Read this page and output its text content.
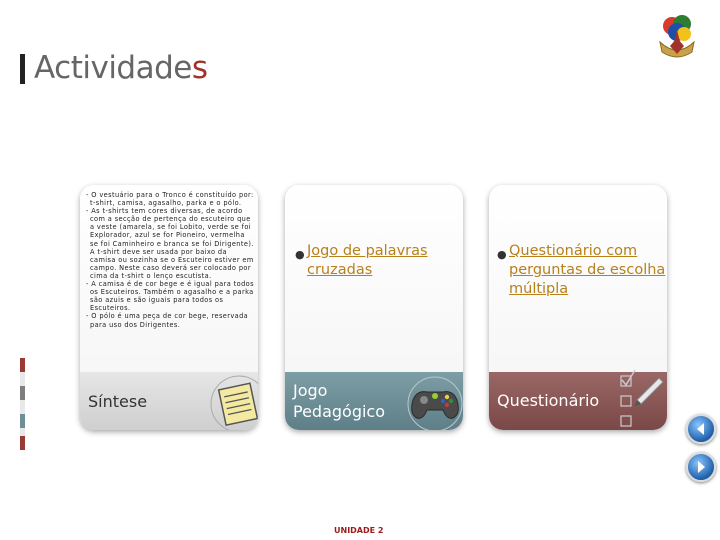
Actividades

- O vestuário para o Tronco é constituído por: t-shirt, camisa, agasalho, parka e o pólo.

- As t-shirts tem cores diversas, de acordo com a secção de pertença do escuteiro que a veste (amarela, se foi Lobito, verde se foi Explorador, azul se for Pioneiro, vermelha se foi Caminheiro e branca se foi Dirigente). A t-shirt deve ser usada por baixo da camisa ou sozinha se o Escuteiro estiver em campo. Neste caso deverá ser colocado por cima da t-shirt o lenço escutista.

- A camisa é de cor bege e é igual para todos os Escuteiros. Também o agasalho e a parka são azuis e são iguais para todos os Escuteiros.

- O pólo é uma peça de cor bege, reservada para uso dos Dirigentes.

Síntese
● Jogo de palavras cruzadas
Jogo
Pedagógico
● Questionário com perguntas de escolha múltipla
Questionário
UNIDADE 2
